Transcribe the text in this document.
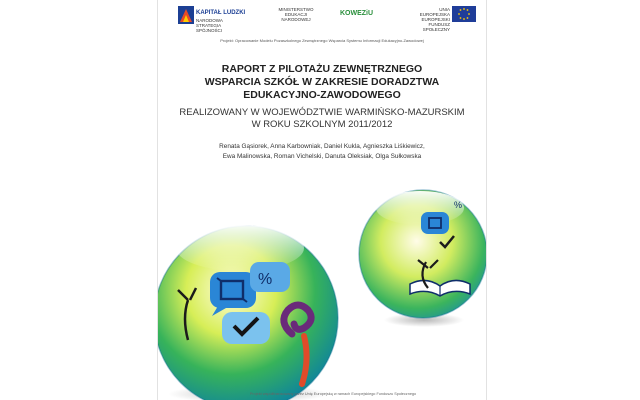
%
%
KAPITAŁ LUDZKI
NARODOWA STRATEGIA SPÓJNOŚCI
MINISTERSTWO EDUKACJI NARODOWEJ
KOWEZiU
UNIA EUROPEJSKA EUROPEJSKI FUNDUSZ SPOŁECZNY
Projekt: Opracowanie Modelu Pozaszkolnego Zewnętrznego Wsparcia Systemu Informacji Edukacyjno-Zawodowej
RAPORT Z PILOTAŻU ZEWNĘTRZNEGO
WSPARCIA SZKÓŁ W ZAKRESIE DORADZTWA
EDUKACYJNO-ZAWODOWEGO
REALIZOWANY W WOJEWÓDZTWIE WARMIŃSKO-MAZURSKIM
W ROKU SZKOLNYM 2011/2012
Renata Gąsiorek, Anna Karbowniak, Daniel Kukla, Agnieszka Liśkiewicz,
Ewa Malinowska, Roman Vichelski, Danuta Oleksiak, Olga Sułkowska
Projekt współfinansowany przez Unię Europejską w ramach Europejskiego Funduszu Społecznego
